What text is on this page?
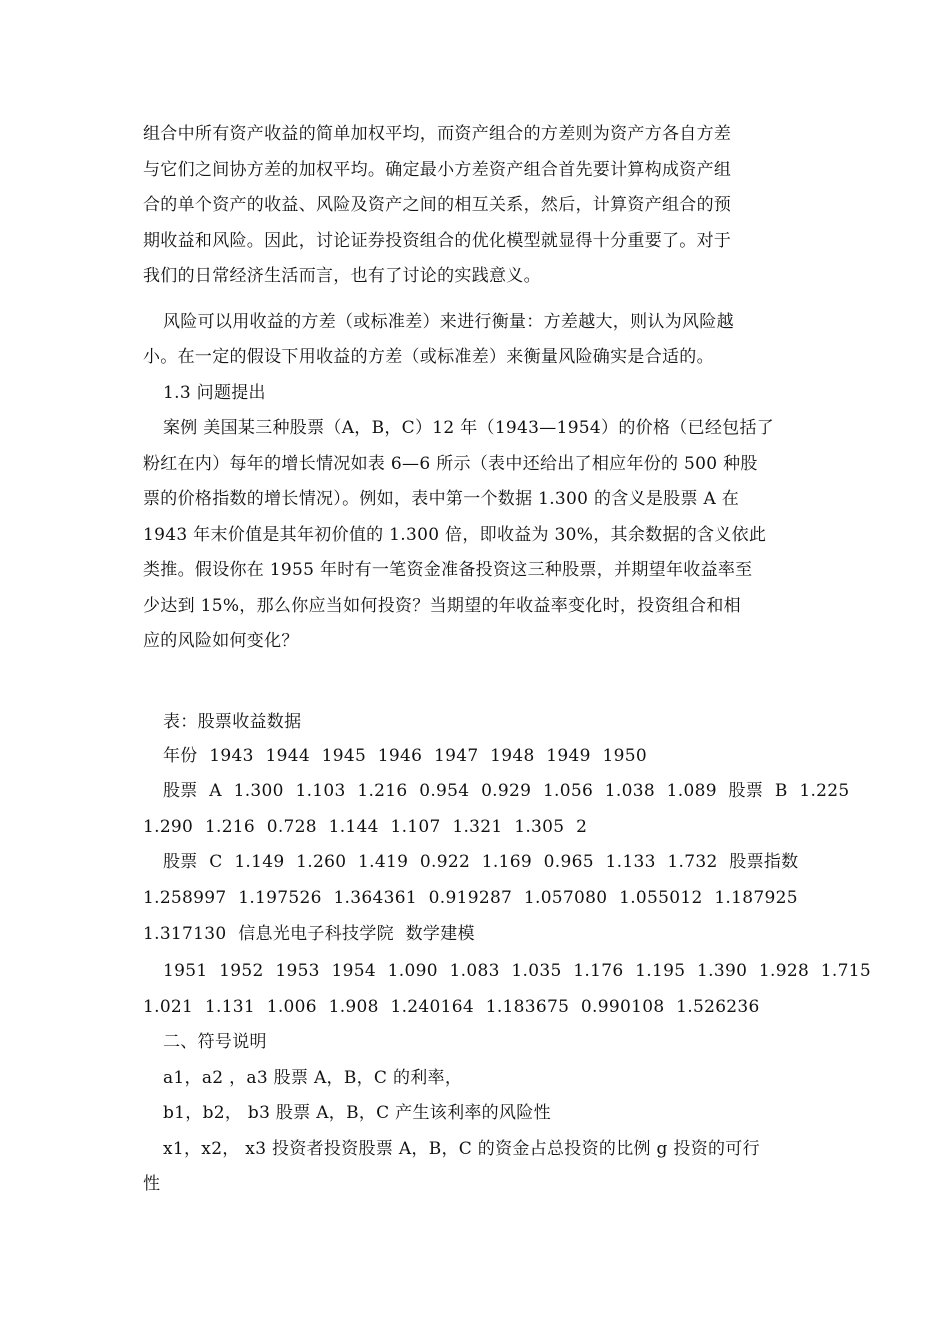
组合中所有资产收益的简单加权平均，而资产组合的方差则为资产方各自方差
与它们之间协方差的加权平均。确定最小方差资产组合首先要计算构成资产组
合的单个资产的收益、风险及资产之间的相互关系，然后，计算资产组合的预
期收益和风险。因此，讨论证券投资组合的优化模型就显得十分重要了。对于
我们的日常经济生活而言，也有了讨论的实践意义。
风险可以用收益的方差（或标准差）来进行衡量：方差越大，则认为风险越
小。在一定的假设下用收益的方差（或标准差）来衡量风险确实是合适的。
1.3 问题提出
案例 美国某三种股票（A，B，C）12 年（1943—1954）的价格（已经包括了
粉红在内）每年的增长情况如表 6—6 所示（表中还给出了相应年份的 500 种股
票的价格指数的增长情况）。例如，表中第一个数据 1.300 的含义是股票 A 在
1943 年末价值是其年初价值的 1.300 倍，即收益为 30%，其余数据的含义依此
类推。假设你在 1955 年时有一笔资金准备投资这三种股票，并期望年收益率至
少达到 15%，那么你应当如何投资？当期望的年收益率变化时，投资组合和相
应的风险如何变化？
表：股票收益数据
年份 1943 1944 1945 1946 1947 1948 1949 1950
股票 A 1.300 1.103 1.216 0.954 0.929 1.056 1.038 1.089 股票 B 1.225
1.290 1.216 0.728 1.144 1.107 1.321 1.305 2
股票 C 1.149 1.260 1.419 0.922 1.169 0.965 1.133 1.732 股票指数
1.258997 1.197526 1.364361 0.919287 1.057080 1.055012 1.187925
1.317130 信息光电子科技学院 数学建模
1951 1952 1953 1954 1.090 1.083 1.035 1.176 1.195 1.390 1.928 1.715
1.021 1.131 1.006 1.908 1.240164 1.183675 0.990108 1.526236
二、符号说明
a1，a2 ，a3 股票 A，B，C 的利率，
b1，b2， b3 股票 A，B，C 产生该利率的风险性
x1，x2， x3 投资者投资股票 A，B，C 的资金占总投资的比例 g 投资的可行
性
